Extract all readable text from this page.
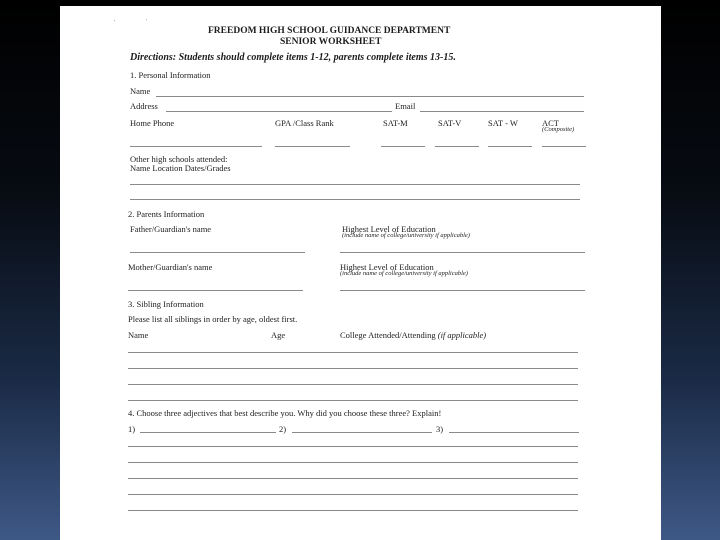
'	'
FREEDOM HIGH SCHOOL GUIDANCE DEPARTMENT
SENIOR WORKSHEET
Directions: Students should complete items 1-12, parents complete items 13-15.
1. Personal Information
Name
Address	Email
Home Phone	GPA /Class Rank	SAT-M	SAT-V	SAT - W	ACT
(Composite)
Other high schools attended:
Name Location Dates/Grades
2. Parents Information
Father/Guardian's name	Highest Level of Education
(include name of college/university if applicable)
Mother/Guardian's name	Highest Level of Education
(include name of college/university if applicable)
3. Sibling Information
Please list all siblings in order by age, oldest first.
Name	Age	College Attended/Attending (if applicable)
4. Choose three adjectives that best describe you. Why did you choose these three? Explain!
1)	2)	3)
